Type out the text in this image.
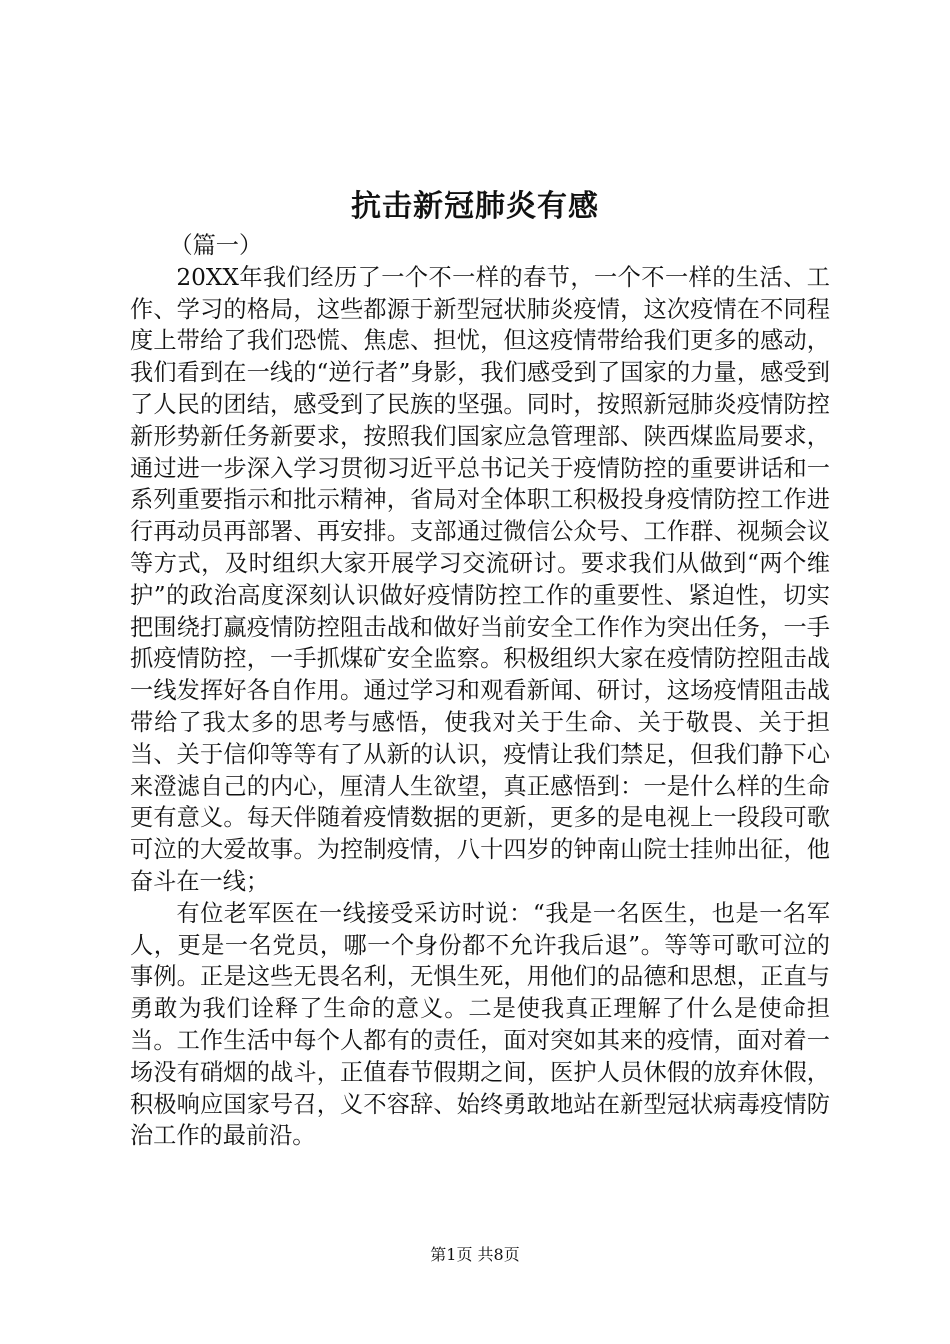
抗击新冠肺炎有感

（篇一）

20XX年我们经历了一个不一样的春节，一个不一样的生活、工作、学习的格局，这些都源于新型冠状肺炎疫情，这次疫情在不同程度上带给了我们恐慌、焦虑、担忧，但这疫情带给我们更多的感动，我们看到在一线的“逆行者”身影，我们感受到了国家的力量，感受到了人民的团结，感受到了民族的坚强。同时，按照新冠肺炎疫情防控新形势新任务新要求，按照我们国家应急管理部、陕西煤监局要求，通过进一步深入学习贯彻习近平总书记关于疫情防控的重要讲话和一系列重要指示和批示精神，省局对全体职工积极投身疫情防控工作进行再动员再部署、再安排。支部通过微信公众号、工作群、视频会议等方式，及时组织大家开展学习交流研讨。要求我们从做到“两个维护”的政治高度深刻认识做好疫情防控工作的重要性、紧迫性，切实把围绕打赢疫情防控阻击战和做好当前安全工作作为突出任务，一手抓疫情防控，一手抓煤矿安全监察。积极组织大家在疫情防控阻击战一线发挥好各自作用。通过学习和观看新闻、研讨，这场疫情阻击战带给了我太多的思考与感悟，使我对关于生命、关于敬畏、关于担当、关于信仰等等有了从新的认识，疫情让我们禁足，但我们静下心来澄滤自己的内心，厘清人生欲望，真正感悟到：一是什么样的生命更有意义。每天伴随着疫情数据的更新，更多的是电视上一段段可歌可泣的大爱故事。为控制疫情，八十四岁的钟南山院士挂帅出征，他奋斗在一线；

有位老军医在一线接受采访时说：“我是一名医生，也是一名军人，更是一名党员，哪一个身份都不允许我后退”。等等可歌可泣的事例。正是这些无畏名利，无惧生死，用他们的品德和思想，正直与勇敢为我们诠释了生命的意义。二是使我真正理解了什么是使命担当。工作生活中每个人都有的责任，面对突如其来的疫情，面对着一场没有硝烟的战斗，正值春节假期之间，医护人员休假的放弃休假，积极响应国家号召，义不容辞、始终勇敢地站在新型冠状病毒疫情防治工作的最前沿。

第1页 共8页
